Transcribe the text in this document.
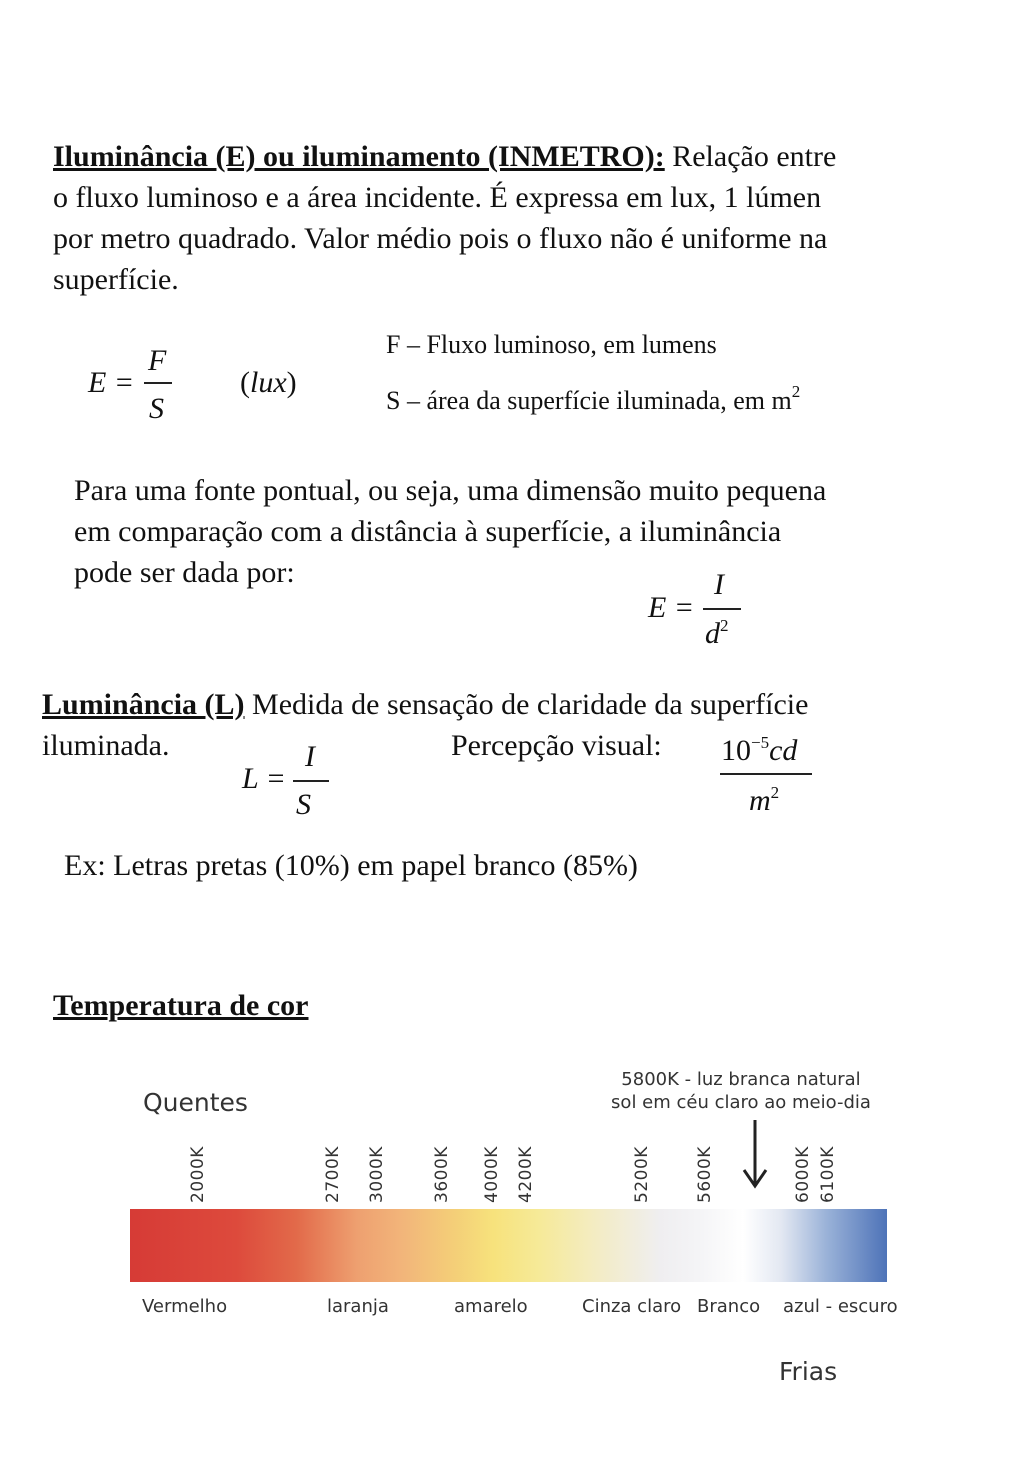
Iluminância (E) ou iluminamento (INMETRO): Relação entre
o fluxo luminoso e a área incidente. É expressa em lux, 1 lúmen
por metro quadrado. Valor médio pois o fluxo não é uniforme na
superfície.
E =
F
S
(lux)
F – Fluxo luminoso, em lumens
S – área da superfície iluminada, em $m^2$
Para uma fonte pontual, ou seja, uma dimensão muito pequena
em comparação com a distância à superfície, a iluminância
pode ser dada por:
E =
I
$d^2$
Luminância (L) Medida de sensação de claridade da superfície
iluminada.	Percepção visual:
L =
I
S
$10^{-5}cd$
$m^2$
Ex: Letras pretas (10%) em papel branco (85%)
Temperatura de cor
Quentes
5800K - luz branca natural
sol em céu claro ao meio-dia
2000K	2700K 3000K	3600K 4000K 4200K	5200K	5600K	6000K 6100K
Vermelho	laranja	amarelo	Cinza claro Branco azul - escuro
Frias
